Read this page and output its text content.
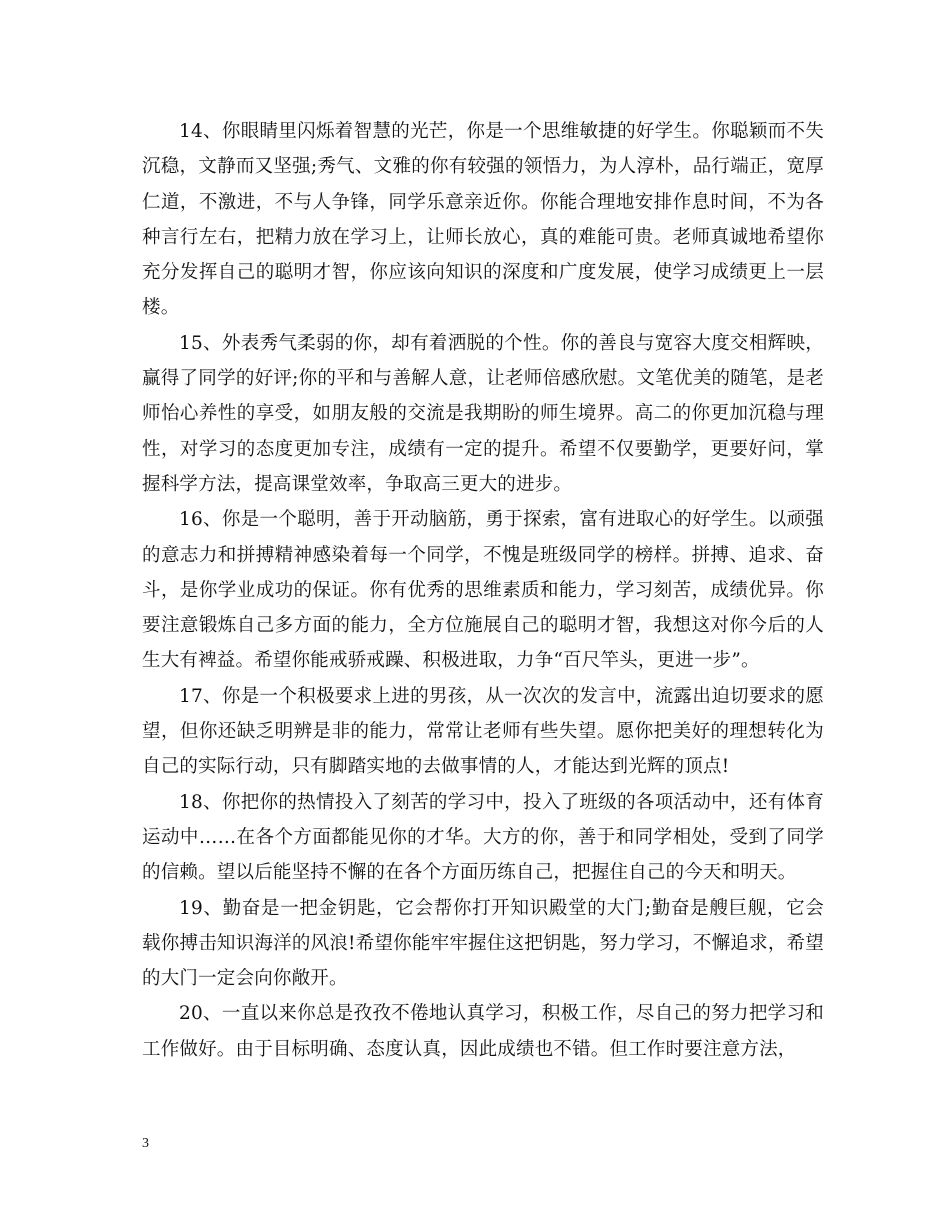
14、你眼睛里闪烁着智慧的光芒，你是一个思维敏捷的好学生。你聪颖而不失沉稳，文静而又坚强;秀气、文雅的你有较强的领悟力，为人淳朴，品行端正，宽厚仁道，不激进，不与人争锋，同学乐意亲近你。你能合理地安排作息时间，不为各种言行左右，把精力放在学习上，让师长放心，真的难能可贵。老师真诚地希望你充分发挥自己的聪明才智，你应该向知识的深度和广度发展，使学习成绩更上一层楼。

15、外表秀气柔弱的你，却有着洒脱的个性。你的善良与宽容大度交相辉映，赢得了同学的好评;你的平和与善解人意，让老师倍感欣慰。文笔优美的随笔，是老师怡心养性的享受，如朋友般的交流是我期盼的师生境界。高二的你更加沉稳与理性，对学习的态度更加专注，成绩有一定的提升。希望不仅要勤学，更要好问，掌握科学方法，提高课堂效率，争取高三更大的进步。

16、你是一个聪明，善于开动脑筋，勇于探索，富有进取心的好学生。以顽强的意志力和拼搏精神感染着每一个同学，不愧是班级同学的榜样。拼搏、追求、奋斗，是你学业成功的保证。你有优秀的思维素质和能力，学习刻苦，成绩优异。你要注意锻炼自己多方面的能力，全方位施展自己的聪明才智，我想这对你今后的人生大有裨益。希望你能戒骄戒躁、积极进取，力争“百尺竿头，更进一步”。

17、你是一个积极要求上进的男孩，从一次次的发言中，流露出迫切要求的愿望，但你还缺乏明辨是非的能力，常常让老师有些失望。愿你把美好的理想转化为自己的实际行动，只有脚踏实地的去做事情的人，才能达到光辉的顶点!

18、你把你的热情投入了刻苦的学习中，投入了班级的各项活动中，还有体育运动中……在各个方面都能见你的才华。大方的你，善于和同学相处，受到了同学的信赖。望以后能坚持不懈的在各个方面历练自己，把握住自己的今天和明天。

19、勤奋是一把金钥匙，它会帮你打开知识殿堂的大门;勤奋是艘巨舰，它会载你搏击知识海洋的风浪!希望你能牢牢握住这把钥匙，努力学习，不懈追求，希望的大门一定会向你敞开。

20、一直以来你总是孜孜不倦地认真学习，积极工作，尽自己的努力把学习和工作做好。由于目标明确、态度认真，因此成绩也不错。但工作时要注意方法，

3
